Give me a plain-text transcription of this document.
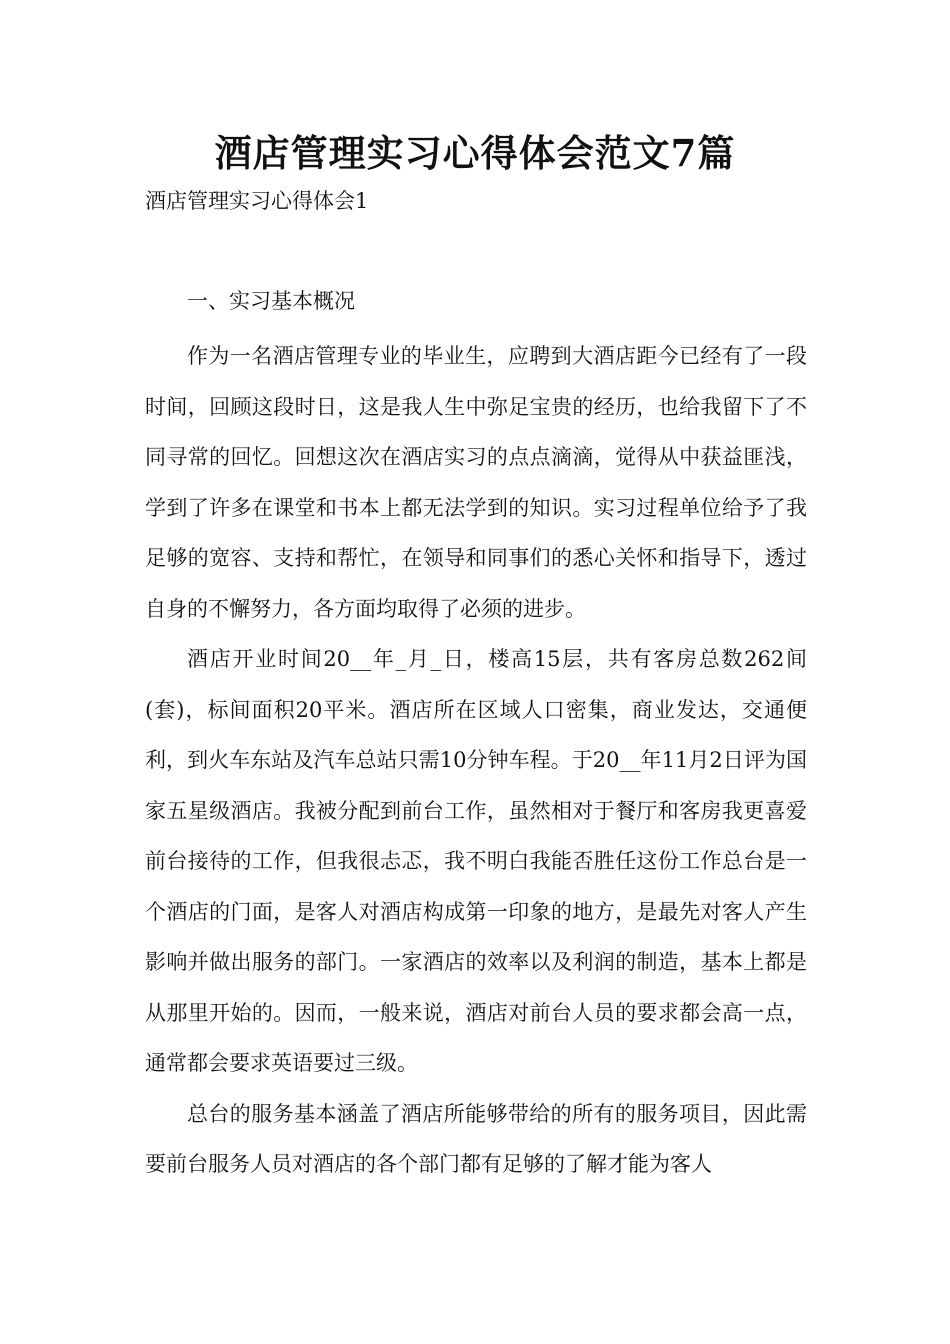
酒店管理实习心得体会范文7篇

酒店管理实习心得体会1

一、实习基本概况

作为一名酒店管理专业的毕业生，应聘到大酒店距今已经有了一段时间，回顾这段时日，这是我人生中弥足宝贵的经历，也给我留下了不同寻常的回忆。回想这次在酒店实习的点点滴滴，觉得从中获益匪浅，学到了许多在课堂和书本上都无法学到的知识。实习过程单位给予了我足够的宽容、支持和帮忙，在领导和同事们的悉心关怀和指导下，透过自身的不懈努力，各方面均取得了必须的进步。

酒店开业时间20__年_月_日，楼高15层，共有客房总数262间(套)，标间面积20平米。酒店所在区域人口密集，商业发达，交通便利，到火车东站及汽车总站只需10分钟车程。于20__年11月2日评为国家五星级酒店。我被分配到前台工作，虽然相对于餐厅和客房我更喜爱前台接待的工作，但我很忐忑，我不明白我能否胜任这份工作总台是一个酒店的门面，是客人对酒店构成第一印象的地方，是最先对客人产生影响并做出服务的部门。一家酒店的效率以及利润的制造，基本上都是从那里开始的。因而，一般来说，酒店对前台人员的要求都会高一点，通常都会要求英语要过三级。

总台的服务基本涵盖了酒店所能够带给的所有的服务项目，因此需要前台服务人员对酒店的各个部门都有足够的了解才能为客人
